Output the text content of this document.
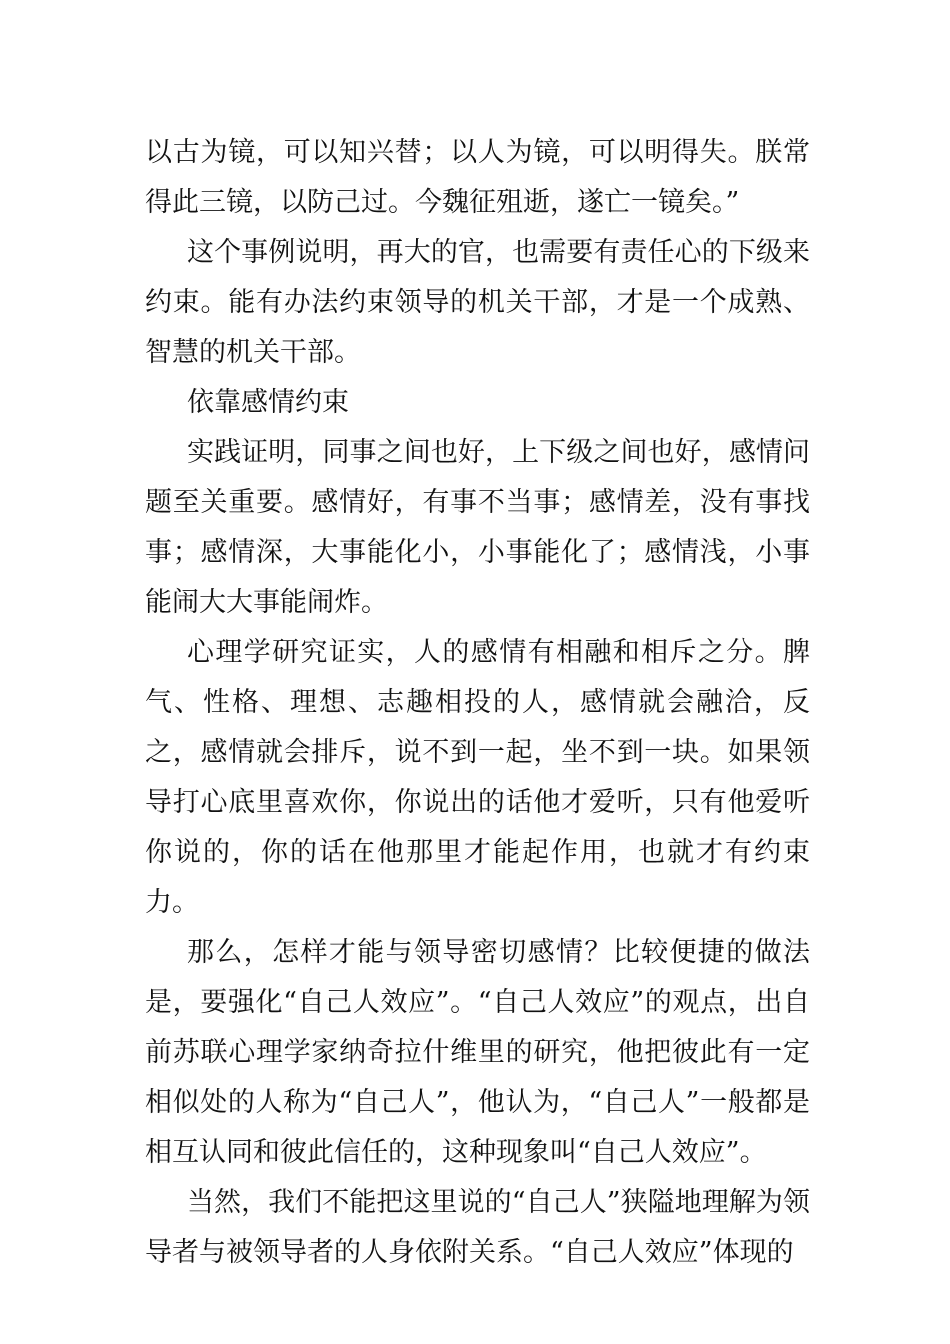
以古为镜，可以知兴替；以人为镜，可以明得失。朕常得此三镜，以防己过。今魏征殂逝，遂亡一镜矣。”

这个事例说明，再大的官，也需要有责任心的下级来约束。能有办法约束领导的机关干部，才是一个成熟、智慧的机关干部。

依靠感情约束

实践证明，同事之间也好，上下级之间也好，感情问题至关重要。感情好，有事不当事；感情差，没有事找事；感情深，大事能化小，小事能化了；感情浅，小事能闹大大事能闹炸。

心理学研究证实，人的感情有相融和相斥之分。脾气、性格、理想、志趣相投的人，感情就会融洽，反之，感情就会排斥，说不到一起，坐不到一块。如果领导打心底里喜欢你，你说出的话他才爱听，只有他爱听你说的，你的话在他那里才能起作用，也就才有约束力。

那么，怎样才能与领导密切感情？比较便捷的做法是，要强化“自己人效应”。“自己人效应”的观点，出自前苏联心理学家纳奇拉什维里的研究，他把彼此有一定相似处的人称为“自己人”，他认为，“自己人”一般都是相互认同和彼此信任的，这种现象叫“自己人效应”。

当然，我们不能把这里说的“自己人”狭隘地理解为领导者与被领导者的人身依附关系。“自己人效应”体现的
